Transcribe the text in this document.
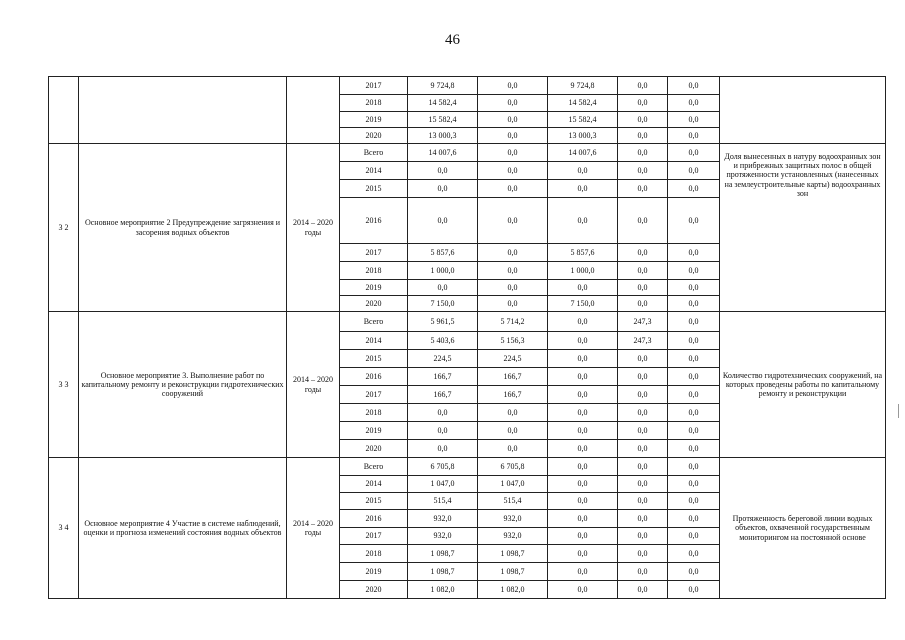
46
			2017	9 724,8	0,0	9 724,8	0,0	0,0	
			2018	14 582,4	0,0	14 582,4	0,0	0,0	
			2019	15 582,4	0,0	15 582,4	0,0	0,0	
			2020	13 000,3	0,0	13 000,3	0,0	0,0	
3 2	Основное мероприятие 2 Предупреждение загрязнения и засорения водных объектов	2014 – 2020 годы	Всего	14 007,6	0,0	14 007,6	0,0	0,0	Доля вынесенных в натуру водоохранных зон и прибрежных защитных полос в общей протяженности установленных (нанесенных на землеустроительные карты) водоохранных зон
			2014	0,0	0,0	0,0	0,0	0,0	
			2015	0,0	0,0	0,0	0,0	0,0	
			2016	0,0	0,0	0,0	0,0	0,0	
			2017	5 857,6	0,0	5 857,6	0,0	0,0	
			2018	1 000,0	0,0	1 000,0	0,0	0,0	
			2019	0,0	0,0	0,0	0,0	0,0	
			2020	7 150,0	0,0	7 150,0	0,0	0,0	
3 3	Основное мероприятие 3. Выполнение работ по капитальному ремонту и реконструкции гидротехнических сооружений	2014 – 2020 годы	Всего	5 961,5	5 714,2	0,0	247,3	0,0	Количество гидротехнических сооружений, на которых проведены работы по капитальному ремонту и реконструкции
			2014	5 403,6	5 156,3	0,0	247,3	0,0	
			2015	224,5	224,5	0,0	0,0	0,0	
			2016	166,7	166,7	0,0	0,0	0,0	
			2017	166,7	166,7	0,0	0,0	0,0	
			2018	0,0	0,0	0,0	0,0	0,0	
			2019	0,0	0,0	0,0	0,0	0,0	
			2020	0,0	0,0	0,0	0,0	0,0	
3 4	Основное мероприятие 4 Участие в системе наблюдений, оценки и прогноза изменений состояния водных объектов	2014 – 2020 годы	Всего	6 705,8	6 705,8	0,0	0,0	0,0	Протяженность береговой линии водных объектов, охваченной государственным мониторингом на постоянной основе
			2014	1 047,0	1 047,0	0,0	0,0	0,0	
			2015	515,4	515,4	0,0	0,0	0,0	
			2016	932,0	932,0	0,0	0,0	0,0	
			2017	932,0	932,0	0,0	0,0	0,0	
			2018	1 098,7	1 098,7	0,0	0,0	0,0	
			2019	1 098,7	1 098,7	0,0	0,0	0,0	
			2020	1 082,0	1 082,0	0,0	0,0	0,0	
